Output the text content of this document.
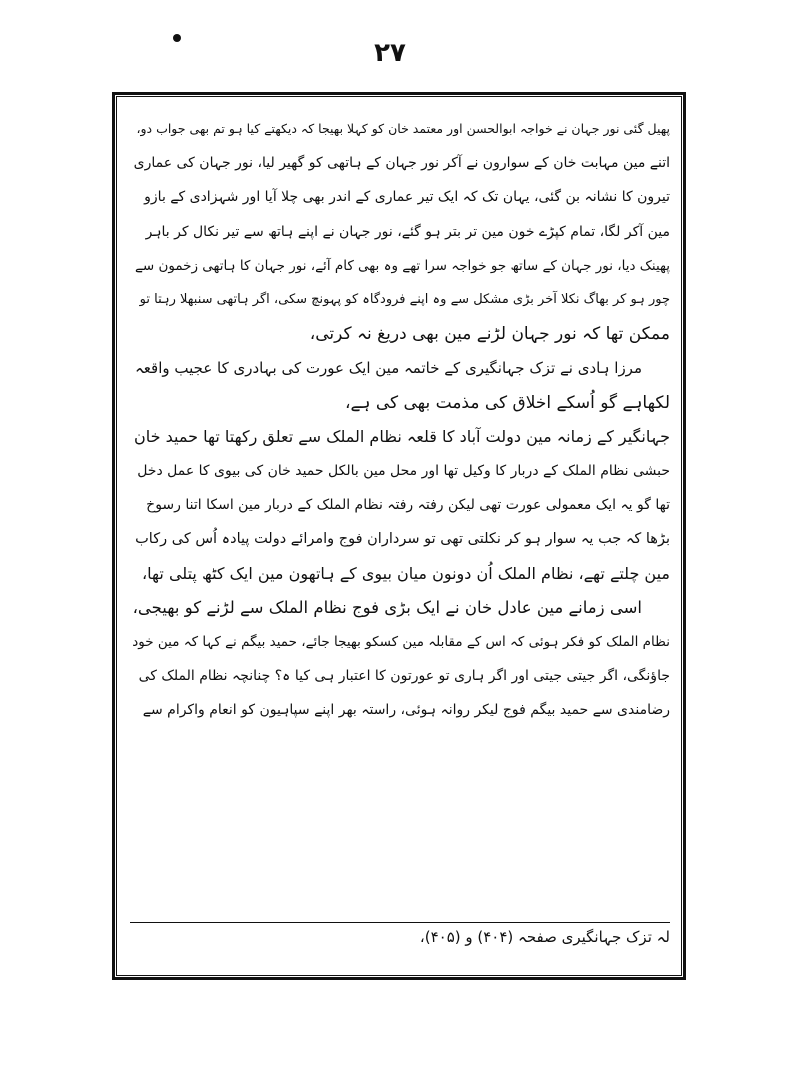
۲۷
پھیل گئی نور جہان نے خواجہ ابوالحسن اور معتمد خان کو کہلا بھیجا کہ دیکھتے کیا ہو تم بھی جواب دو،
اتنے مین مہابت خان کے سوارون نے آکر نور جہان کے ہاتھی کو گھیر لیا، نور جہان کی عماری
تیرون کا نشانہ بن گئی، یہان تک کہ ایک تیر عماری کے اندر بھی چلا آیا اور شہزادی کے بازو
مین آکر لگا، تمام کپڑے خون مین تر بتر ہو گئے، نور جہان نے اپنے ہاتھ سے تیر نکال کر باہر
پھینک دیا، نور جہان کے ساتھ جو خواجہ سرا تھے وہ بھی کام آئے، نور جہان کا ہاتھی زخمون سے
چور ہو کر بھاگ نکلا آخر بڑی مشکل سے وہ اپنے فرودگاہ کو پہونچ سکی، اگر ہاتھی سنبھلا رہتا تو
ممکن تھا کہ نور جہان لڑنے مین بھی دریغ نہ کرتی،
مرزا ہادی نے تزک جہانگیری کے خاتمہ مین ایک عورت کی بہادری کا عجیب واقعہ
لکھاہے گو اُسکے اخلاق کی مذمت بھی کی ہے،
جہانگیر کے زمانہ مین دولت آباد کا قلعہ نظام الملک سے تعلق رکھتا تھا حمید خان
حبشی نظام الملک کے دربار کا وکیل تھا اور محل مین بالکل حمید خان کی بیوی کا عمل دخل
تھا گو یہ ایک معمولی عورت تھی لیکن رفتہ رفتہ نظام الملک کے دربار مین اسکا اتنا رسوخ
بڑھا کہ جب یہ سوار ہو کر نکلتی تھی تو سرداران فوج وامرائے دولت پیادہ اُس کی رکاب
مین چلتے تھے، نظام الملک اُن دونون میان بیوی کے ہاتھون مین ایک کٹھ پتلی تھا،
اسی زمانے مین عادل خان نے ایک بڑی فوج نظام الملک سے لڑنے کو بھیجی،
نظام الملک کو فکر ہوئی کہ اس کے مقابلہ مین کسکو بھیجا جائے، حمید بیگم نے کہا کہ مین خود
جاؤنگی، اگر جیتی جیتی اور اگر ہاری تو عورتون کا اعتبار ہی کیا ہ؟ چنانچہ نظام الملک کی
رضامندی سے حمید بیگم فوج لیکر روانہ ہوئی، راستہ بھر اپنے سپاہیون کو انعام واکرام سے
لہ تزک جہانگیری صفحہ (۴۰۴) و (۴۰۵)،
